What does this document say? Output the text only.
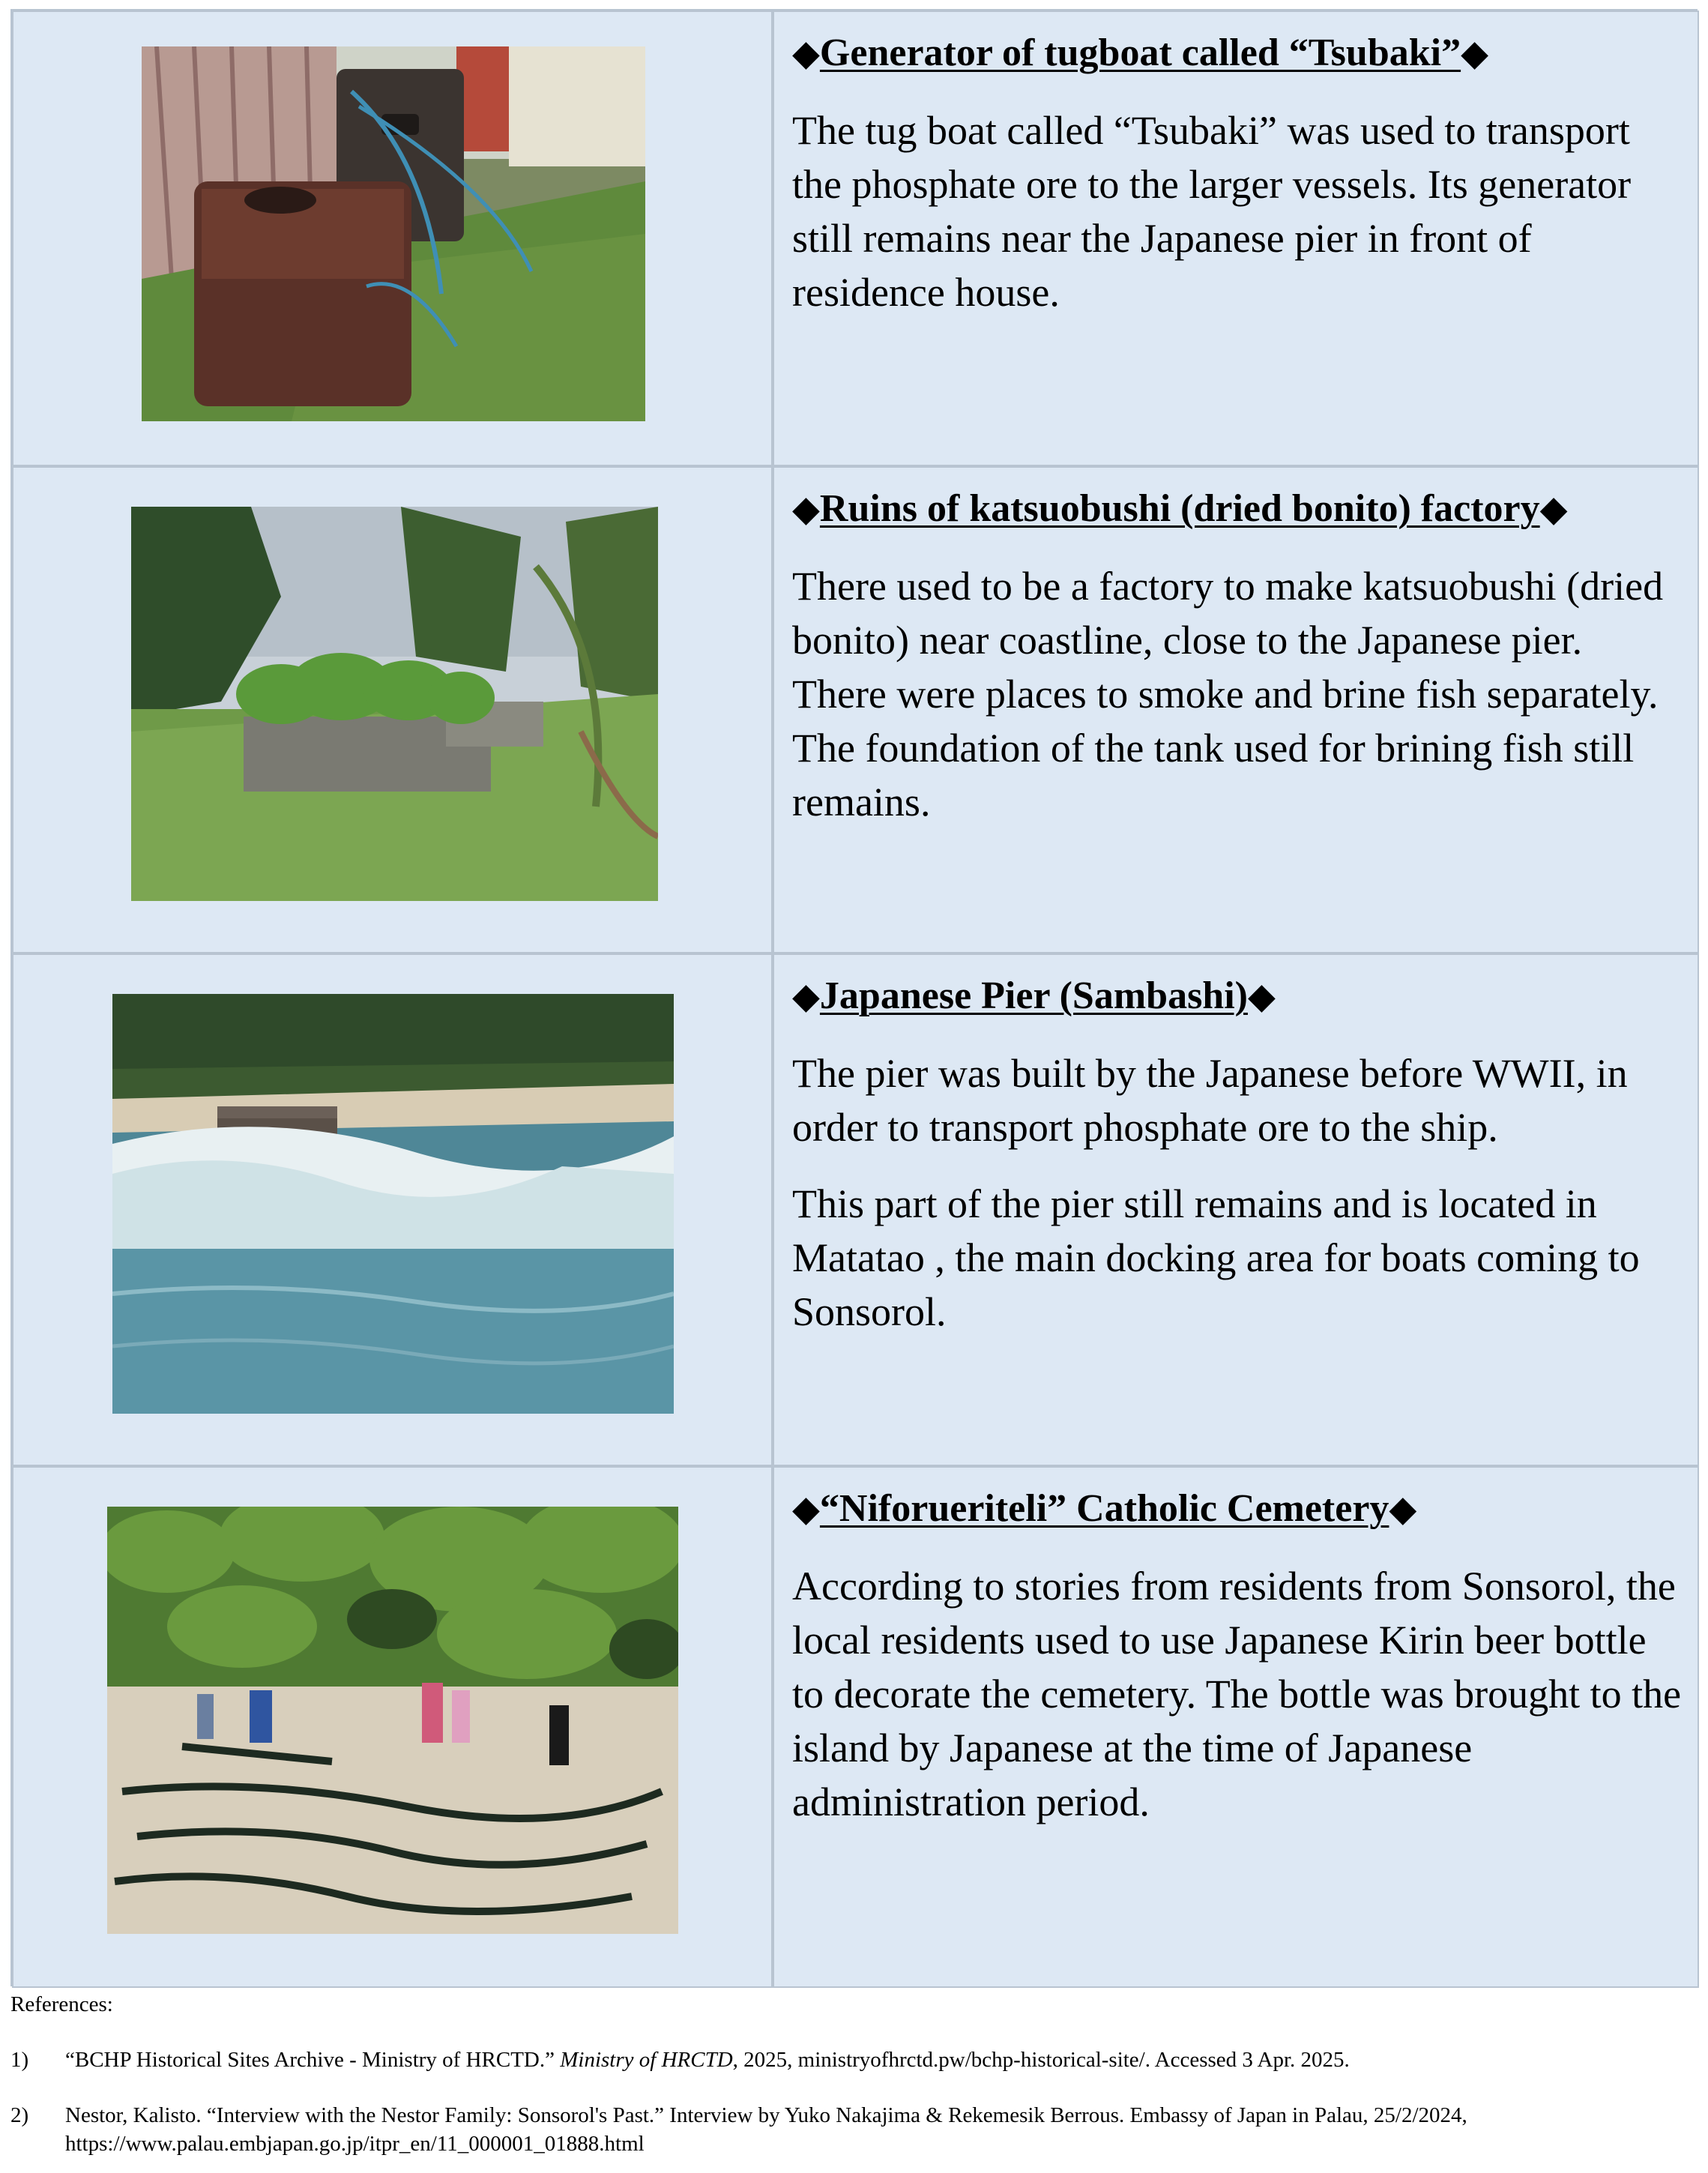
◆Generator of tugboat called “Tsubaki”◆

The tug boat called “Tsubaki” was used to transport the phosphate ore to the larger vessels. Its generator still remains near the Japanese pier in front of residence house.

◆Ruins of katsuobushi (dried bonito) factory◆

There used to be a factory to make katsuobushi (dried bonito) near coastline, close to the Japanese pier. There were places to smoke and brine fish separately. The foundation of the tank used for brining fish still remains.

◆Japanese Pier (Sambashi)◆

The pier was built by the Japanese before WWII, in order to transport phosphate ore to the ship.

This part of the pier still remains and is located in Matatao , the main docking area for boats coming to Sonsorol.

◆“Niforueriteli” Catholic Cemetery◆

According to stories from residents from Sonsorol, the local residents used to use Japanese Kirin beer bottle to decorate the cemetery. The bottle was brought to the island by Japanese at the time of Japanese administration period.

References:

1)	“BCHP Historical Sites Archive - Ministry of HRCTD.” Ministry of HRCTD, 2025, ministryofhrctd.pw/bchp-historical-site/. Accessed 3 Apr. 2025.
2)	Nestor, Kalisto. “Interview with the Nestor Family: Sonsorol's Past.” Interview by Yuko Nakajima & Rekemesik Berrous. Embassy of Japan in Palau, 25/2/2024, https://www.palau.embjapan.go.jp/itpr_en/11_000001_01888.html
